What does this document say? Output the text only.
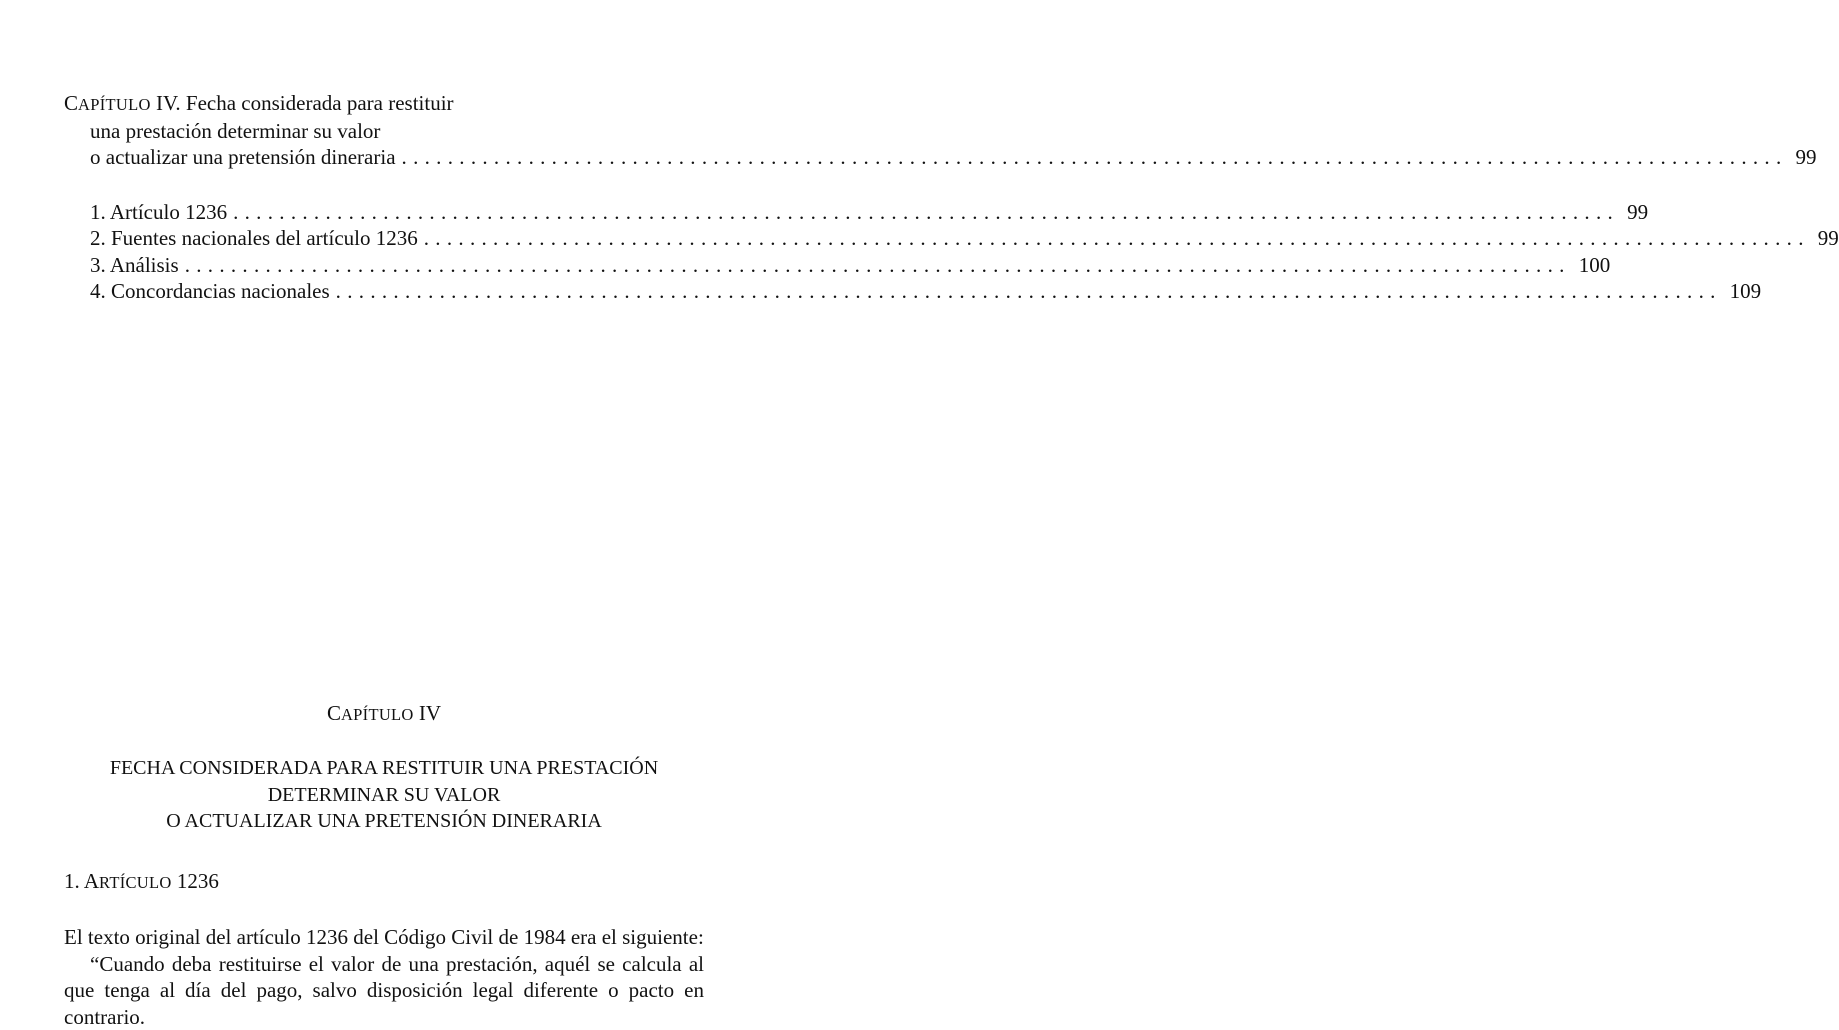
CAPÍTULO IV. Fecha considerada para restituir
una prestación determinar su valor
o actualizar una pretensión dineraria ........................................................................................................................ 99
1. Artículo 1236 ........................................................................................................................ 99
2. Fuentes nacionales del artículo 1236 ........................................................................................................................ 99
3. Análisis ........................................................................................................................ 100
4. Concordancias nacionales ........................................................................................................................ 109
CAPÍTULO IV
FECHA CONSIDERADA PARA RESTITUIR UNA PRESTACIÓN
DETERMINAR SU VALOR
O ACTUALIZAR UNA PRETENSIÓN DINERARIA
1. ARTÍCULO 1236

El texto original del artículo 1236 del Código Civil de 1984 era el siguiente:

“Cuando deba restituirse el valor de una prestación, aquél se calcula al que tenga al día del pago, salvo disposición legal diferente o pacto en contrario.
